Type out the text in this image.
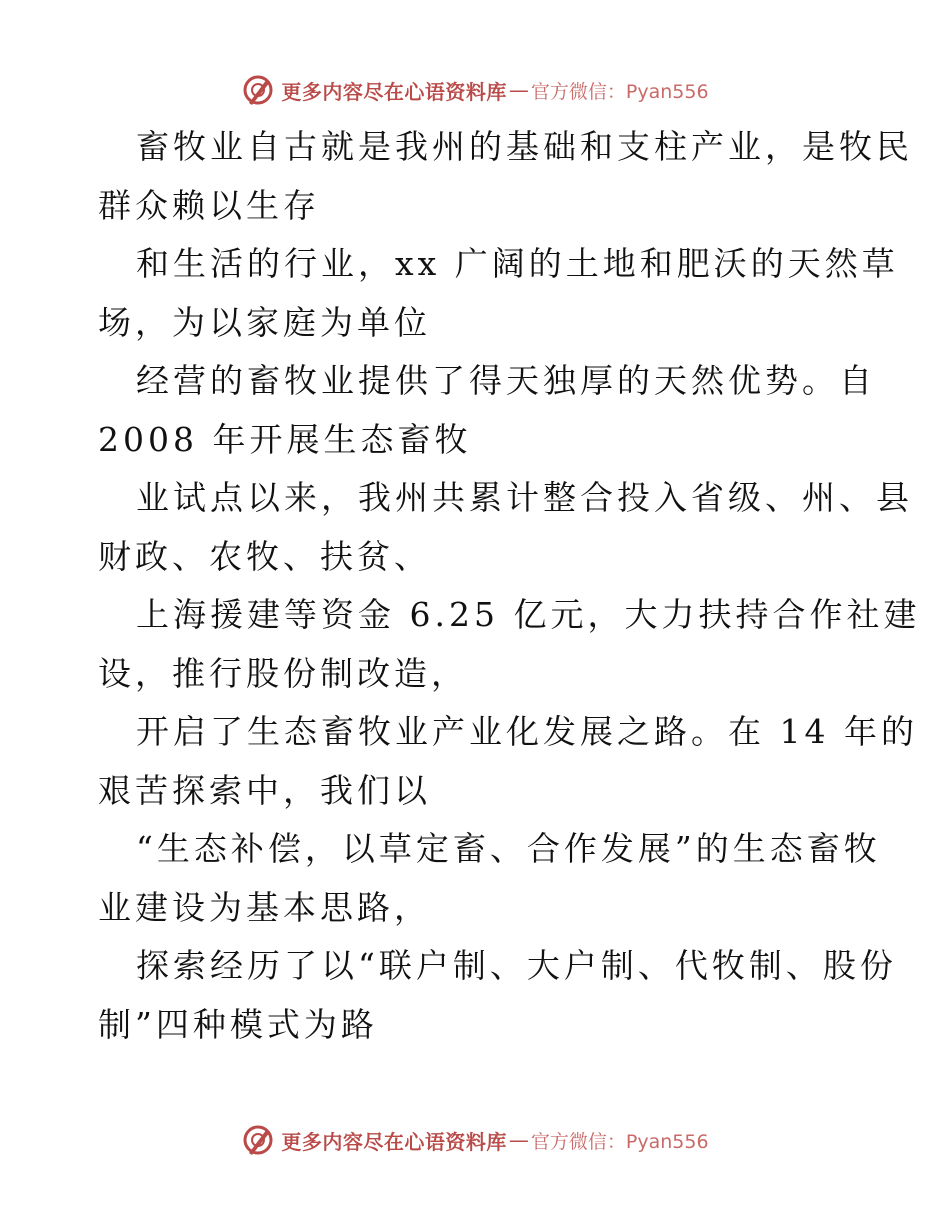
更多内容尽在心语资料库 — 官方微信：Pyan556
畜牧业自古就是我州的基础和支柱产业，是牧民
群众赖以生存
和生活的行业，xx 广阔的土地和肥沃的天然草
场，为以家庭为单位
经营的畜牧业提供了得天独厚的天然优势。自
2008 年开展生态畜牧
业试点以来，我州共累计整合投入省级、州、县
财政、农牧、扶贫、
上海援建等资金 6.25 亿元，大力扶持合作社建
设，推行股份制改造，
开启了生态畜牧业产业化发展之路。在 14 年的
艰苦探索中，我们以
“生态补偿，以草定畜、合作发展”的生态畜牧
业建设为基本思路，
探索经历了以“联户制、大户制、代牧制、股份
制”四种模式为路
更多内容尽在心语资料库 — 官方微信：Pyan556
